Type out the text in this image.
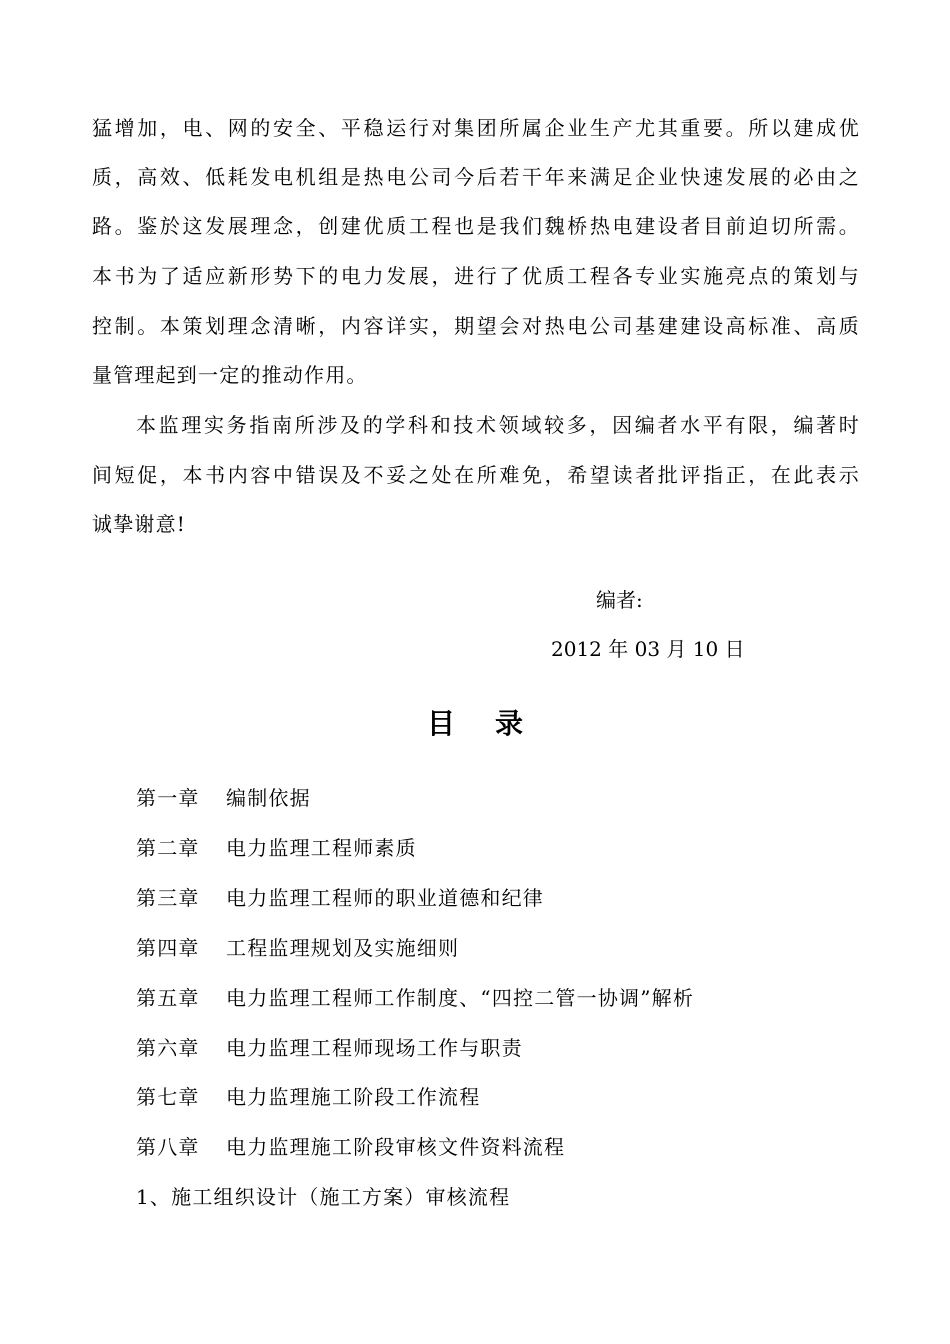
猛增加，电、网的安全、平稳运行对集团所属企业生产尤其重要。所以建成优
质，高效、低耗发电机组是热电公司今后若干年来满足企业快速发展的必由之
路。鉴於这发展理念，创建优质工程也是我们魏桥热电建设者目前迫切所需。
本书为了适应新形势下的电力发展，进行了优质工程各专业实施亮点的策划与
控制。本策划理念清晰，内容详实，期望会对热电公司基建建设高标准、高质
量管理起到一定的推动作用。
本监理实务指南所涉及的学科和技术领域较多，因编者水平有限，编著时
间短促，本书内容中错误及不妥之处在所难免，希望读者批评指正，在此表示
诚挚谢意!
编者:
2012 年 03 月 10 日
目录
第一章 编制依据
第二章 电力监理工程师素质
第三章 电力监理工程师的职业道德和纪律
第四章 工程监理规划及实施细则
第五章 电力监理工程师工作制度、“四控二管一协调”解析
第六章 电力监理工程师现场工作与职责
第七章 电力监理施工阶段工作流程
第八章 电力监理施工阶段审核文件资料流程
1、施工组织设计（施工方案）审核流程
